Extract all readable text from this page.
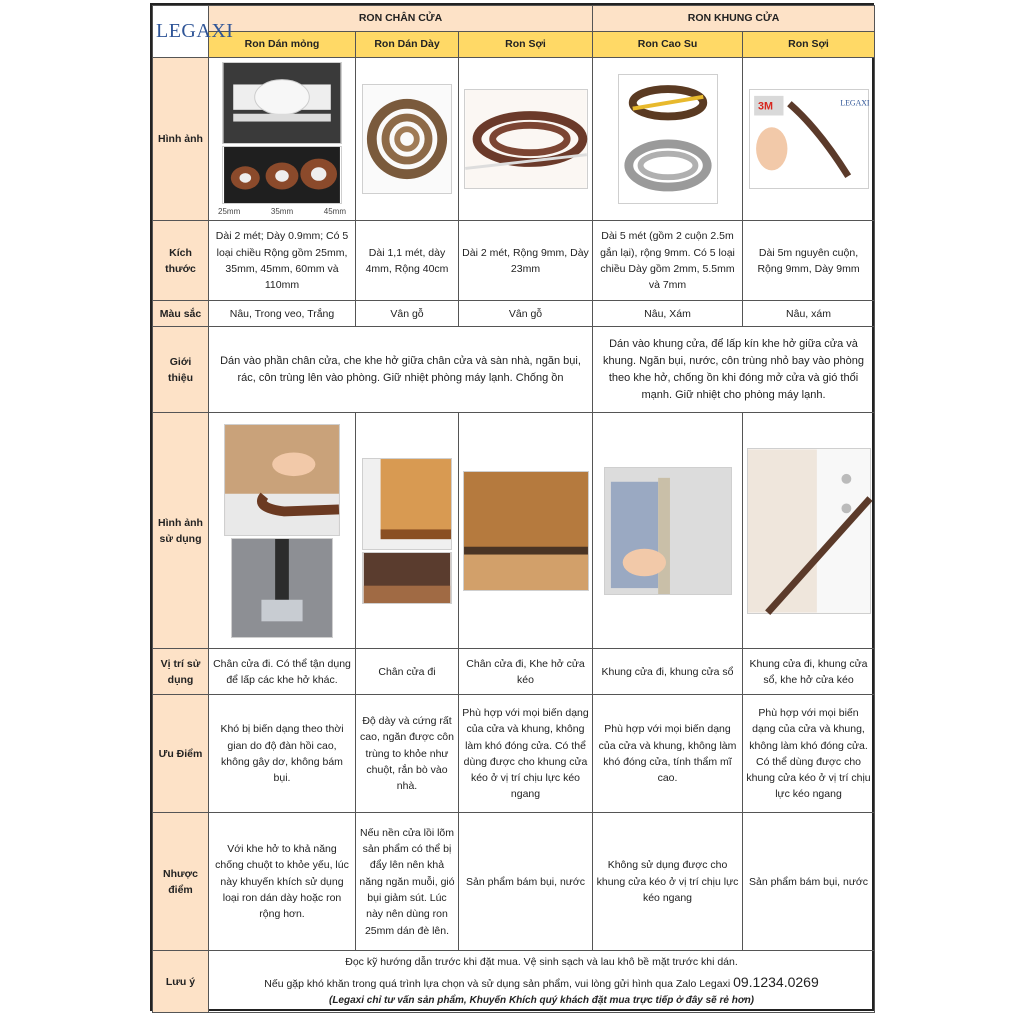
LEGAXI	RON CHÂN CỬA			RON KHUNG CỬA	
	Ron Dán mỏng	Ron Dán Dày	Ron Sợi	Ron Cao Su	Ron Sợi
Hình ảnh	25mm 35mm 45mm				3M LEGAXI

Kích thước	Dài 2 mét; Dày 0.9mm; Có 5 loại chiều Rộng gồm 25mm, 35mm, 45mm, 60mm và 110mm	Dài 1,1 mét, dày 4mm, Rộng 40cm	Dài 2 mét, Rộng 9mm, Dày 23mm	Dài 5 mét (gồm 2 cuộn 2.5m gắn lại), rộng 9mm. Có 5 loại chiều Dày gồm 2mm, 5.5mm và 7mm	Dài 5m nguyên cuộn, Rộng 9mm, Dày 9mm
Màu sắc	Nâu, Trong veo, Trắng	Vân gỗ	Vân gỗ	Nâu, Xám	Nâu, xám
Giới thiệu	Dán vào phần chân cửa, che khe hở giữa chân cửa và sàn nhà, ngăn bụi, rác, côn trùng lên vào phòng. Giữ nhiệt phòng máy lạnh. Chống ồn			Dán vào khung cửa, để lấp kín khe hở giữa cửa và khung. Ngăn bụi, nước, côn trùng nhỏ bay vào phòng theo khe hở, chống ồn khi đóng mở cửa và gió thổi mạnh. Giữ nhiệt cho phòng máy lạnh.	
Hình ảnh sử dụng	

Vị trí sử dụng	Chân cửa đi. Có thể tận dụng để lấp các khe hở khác.	Chân cửa đi	Chân cửa đi, Khe hở cửa kéo	Khung cửa đi, khung cửa sổ	Khung cửa đi, khung cửa sổ, khe hở cửa kéo
Ưu Điểm	Khó bị biến dạng theo thời gian do độ đàn hồi cao, không gây dơ, không bám bụi.	Độ dày và cứng rất cao, ngăn được côn trùng to khỏe như chuột, rắn bò vào nhà.	Phù hợp với mọi biến dạng của cửa và khung, không làm khó đóng cửa. Có thể dùng được cho khung cửa kéo ở vị trí chịu lực kéo ngang	Phù hợp với mọi biến dạng của cửa và khung, không làm khó đóng cửa, tính thẩm mĩ cao.	Phù hợp với mọi biến dạng của cửa và khung, không làm khó đóng cửa. Có thể dùng được cho khung cửa kéo ở vị trí chịu lực kéo ngang
Nhược điểm	Với khe hở to khả năng chống chuột to khỏe yếu, lúc này khuyến khích sử dụng loại ron dán dày hoặc ron rộng hơn.	Nếu nền cửa lồi lõm sản phẩm có thể bị đẩy lên nên khả năng ngăn muỗi, gió bụi giảm sút. Lúc này nên dùng ron 25mm dán đè lên.	Sản phẩm bám bụi, nước	Không sử dụng được cho khung cửa kéo ở vị trí chịu lực kéo ngang	Sản phẩm bám bụi, nước
Lưu ý	Đọc kỹ hướng dẫn trước khi đặt mua. Vệ sinh sạch và lau khô bề mặt trước khi dán.
Nếu gặp khó khăn trong quá trình lựa chọn và sử dụng sản phẩm, vui lòng gửi hình qua Zalo Legaxi 09.1234.0269
(Legaxi chỉ tư vấn sản phẩm, Khuyến Khích quý khách đặt mua trực tiếp ở đây sẽ rẻ hơn)				
